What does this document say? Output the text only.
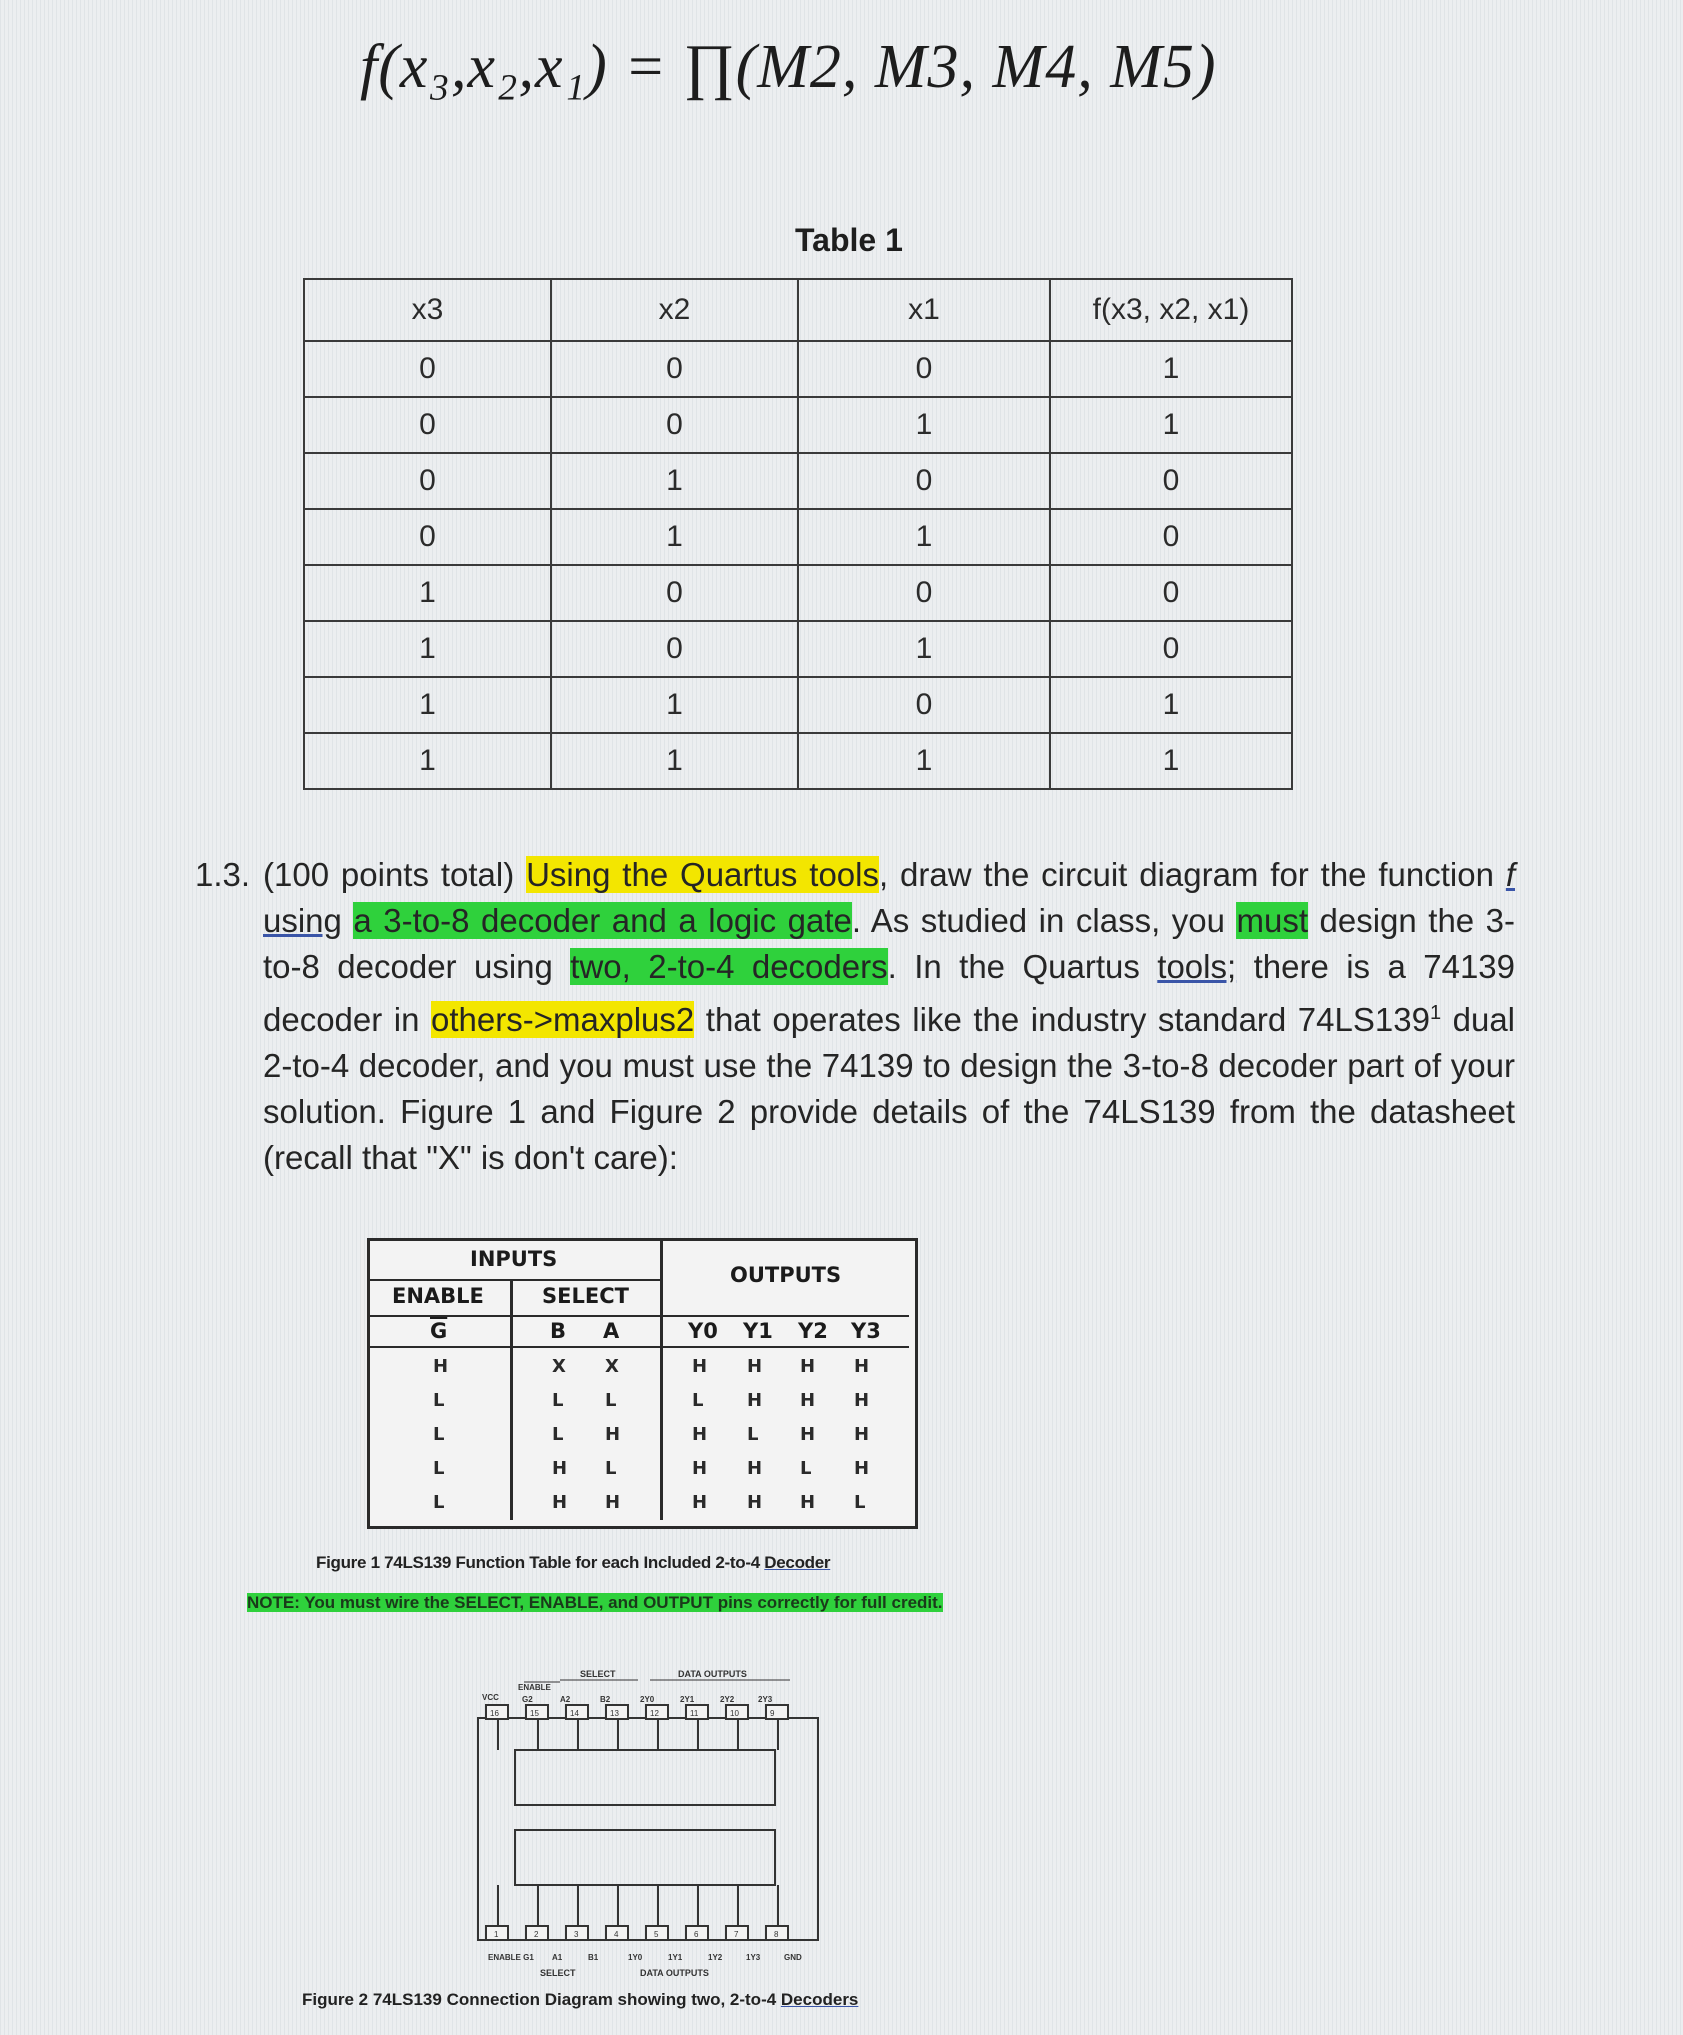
f(x₃,x₂,x₁) = ∏(M2, M3, M4, M5)
Table 1
x3	x2	x1	f(x3, x2, x1)
0	0	0	1
0	0	1	1
0	1	0	0
0	1	1	0
1	0	0	0
1	0	1	0
1	1	0	1
1	1	1	1
1.3. (100 points total) Using the Quartus tools, draw the circuit diagram for the function f using a 3-to-8 decoder and a logic gate. As studied in class, you must design the 3-to-8 decoder using two, 2-to-4 decoders. In the Quartus tools; there is a 74139 decoder in others->maxplus2 that operates like the industry standard $74LS139^1$ dual 2-to-4 decoder, and you must use the 74139 to design the 3-to-8 decoder part of your solution. Figure 1 and Figure 2 provide details of the 74LS139 from the datasheet (recall that "X" is don't care):
INPUTS
OUTPUTS
ENABLE	SELECT
$\overline{G}$	B A	Y0 Y1 Y2 Y3
H	X X	H H H H
L	L L	L H H H
L	L H	H L H H
L	H L	H H L H
L	H H	H H H L
Figure 1 74LS139 Function Table for each Included 2-to-4 Decoder
NOTE: You must wire the SELECT, ENABLE, and OUTPUT pins correctly for full credit.
SELECT	DATA OUTPUTS
ENABLE
VCC	G2	A2	B2	2Y0	2Y1	2Y2	2Y3
16	15	14	13	12	11	10	9
1	2	3	4	5	6	7	8
ENABLE G1 A1	B1	1Y0	1Y1	1Y2	1Y3	GND
SELECT	DATA OUTPUTS
Figure 2 74LS139 Connection Diagram showing two, 2-to-4 Decoders
